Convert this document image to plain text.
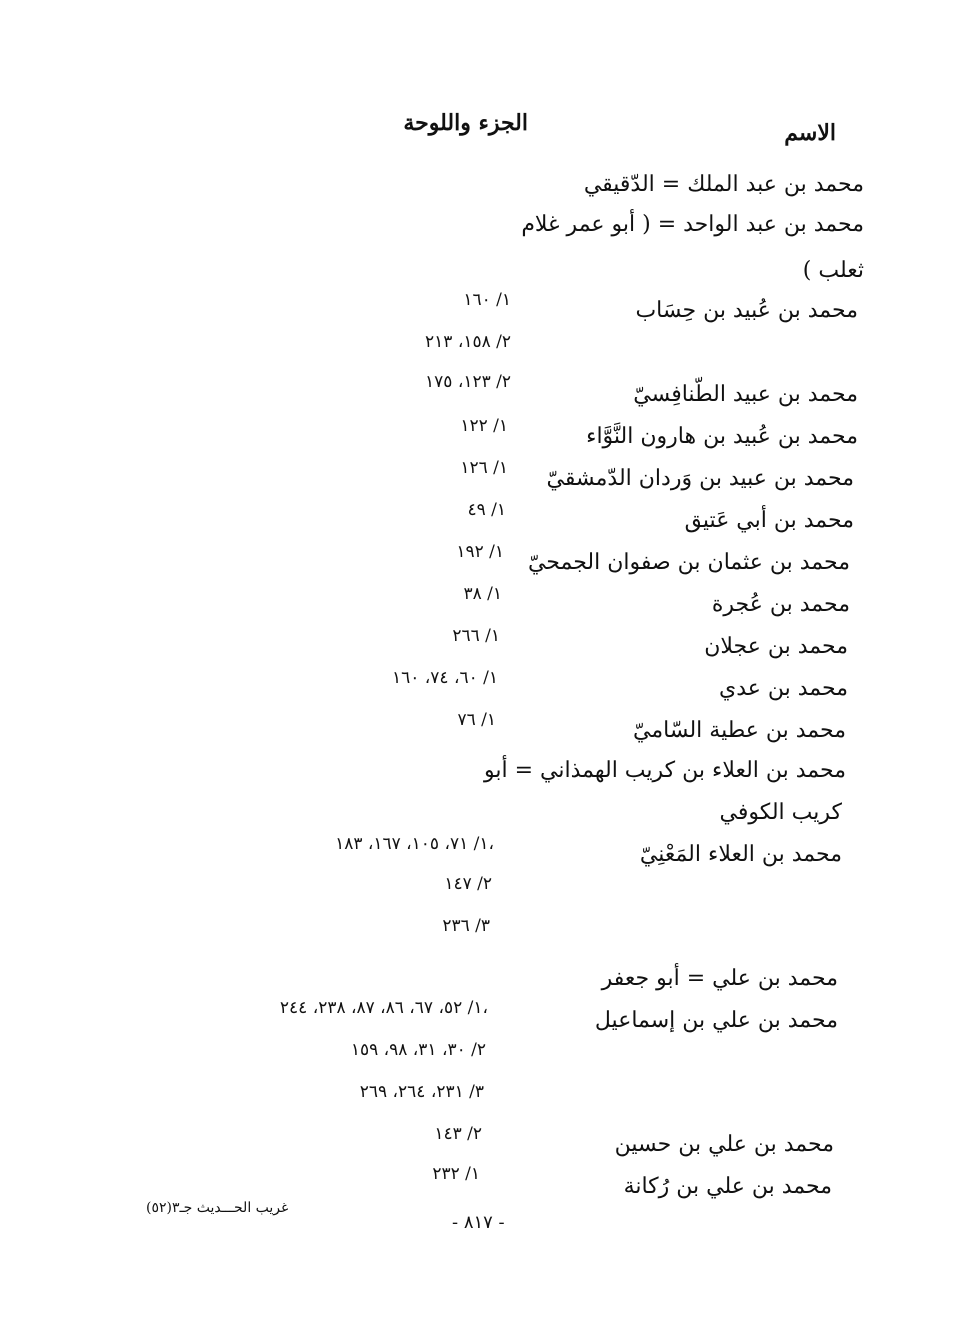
الاسم
الجزء واللوحة
محمد بن عبد الملك = الدّقيقي
محمد بن عبد الواحد = ( أبو عمر غلام
ثعلب )
محمد بن عُبيد بن حِسَاب
محمد بن عبيد الطّنافِسيّ
محمد بن عُبيد بن هارون النَّوَّاء
محمد بن عبيد بن وَردان الدّمشقيّ
محمد بن أبي عَتيق
محمد بن عثمان بن صفوان الجمحيّ
محمد بن عُجرة
محمد بن عجلان
محمد بن عدي
محمد بن عطية السّاميّ
محمد بن العلاء بن كريب الهمذاني = أبو
كريب الكوفي
محمد بن العلاء المَعْنِيّ
محمد بن علي = أبو جعفر
محمد بن علي بن إسماعيل
محمد بن علي بن حسين
محمد بن علي بن رُكانة
١/ ١٦٠
٢/ ١٥٨، ٢١٣
٢/ ١٢٣، ١٧٥
١/ ١٢٢
١/ ١٢٦
١/ ٤٩
١/ ١٩٢
١/ ٣٨
١/ ٢٦٦
١/ ٦٠، ٧٤، ١٦٠
١/ ٧٦
١/ ٧١، ١٠٥، ١٦٧، ١٨٣،
٢/ ١٤٧
٣/ ٢٣٦
١/ ٥٢، ٦٧، ٨٦، ٨٧، ٢٣٨، ٢٤٤،
٢/ ٣٠، ٣١، ٩٨، ١٥٩
٣/ ٢٣١، ٢٦٤، ٢٦٩
٢/ ١٤٣
١/ ٢٣٢
- ٨١٧ -
غريب الحـــديث جـ٣(٥٢)
